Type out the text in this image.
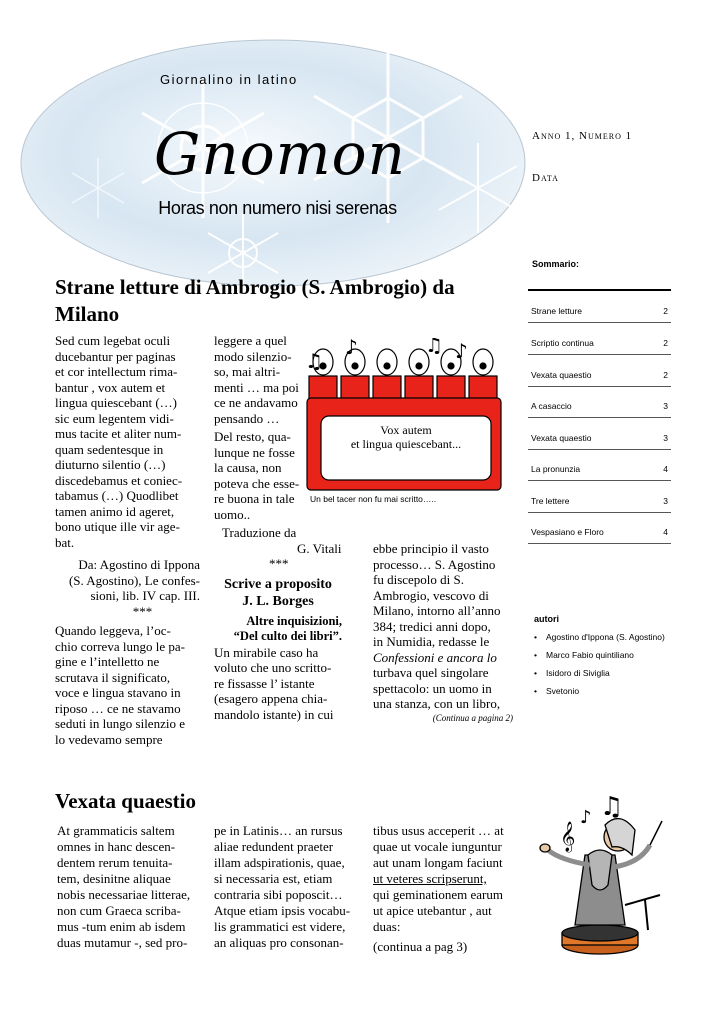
Giornalino in latino
Gnomon
Horas non numero nisi serenas
Anno 1, Numero 1
Data
Sommario:
Strane letture	2
Scriptio continua	2
Vexata quaestio	2
A casaccio	3
Vexata quaestio	3
La pronunzia	4
Tre lettere	3
Vespasiano e Floro	4
autori
• Agostino d'Ippona (S. Agostino)
• Marco Fabio quintiliano
• Isidoro di Siviglia
• Svetonio
Strane letture di Ambrogio (S. Ambrogio) da Milano

Sed cum legebat oculi

ducebantur per paginas

et cor intellectum rima-

bantur , vox autem et

lingua quiescebant (…)

sic eum legentem vidi-

mus tacite et aliter num-

quam sedentesque in

diuturno silentio (…)

discedebamus et coniec-

tabamus (…) Quodlibet

tamen animo id ageret,

bono utique ille vir age-

bat.

Da: Agostino di Ippona

(S. Agostino), Le confes-

sioni, lib. IV cap. III.

***

Quando leggeva, l’oc-

chio correva lungo le pa-

gine e l’intelletto ne

scrutava il significato,

voce e lingua stavano in

riposo … ce ne stavamo

seduti in lungo silenzio e

lo vedevamo sempre

leggere a quel

modo silenzio-

so, mai altri-

menti … ma poi

ce ne andavamo

pensando …

Del resto, qua-

lunque ne fosse

la causa, non

poteva che esse-

re buona in tale

uomo..

Traduzione da

G. Vitali

***

Scrive a proposito

J. L. Borges

Altre inquisizioni,

“Del culto dei libri”.

Un mirabile caso ha

voluto che uno scritto-

re fissasse l’ istante

(esagero appena chia-

mandolo istante) in cui

ebbe principio il vasto

processo… S. Agostino

fu discepolo di S.

Ambrogio, vescovo di

Milano, intorno all’anno

384; tredici anni dopo,

in Numidia, redasse le

Confessioni e ancora lo

turbava quel singolare

spettacolo: un uomo in

una stanza, con un libro,

(Continua a pagina 2)

♫
♪	♫ ♪
Vox autem
et lingua quiescebant...
Un bel tacer non fu mai scritto…..
Vexata quaestio

At grammaticis saltem

omnes in hanc descen-

dentem rerum tenuita-

tem, desinitne aliquae

nobis necessariae litterae,

non cum Graeca scriba-

mus -tum enim ab isdem

duas mutamur -, sed pro-

pe in Latinis… an rursus

aliae redundent praeter

illam adspirationis, quae,

si necessaria est, etiam

contraria sibi poposcit…

Atque etiam ipsis vocabu-

lis grammatici est videre,

an aliquas pro consonan-

tibus usus acceperit … at

quae ut vocale iunguntur

aut unam longam faciunt

ut veteres scripserunt,

qui geminationem earum

ut apice utebantur , aut

duas:

(continua a pag 3)

♫
𝄞
♪
